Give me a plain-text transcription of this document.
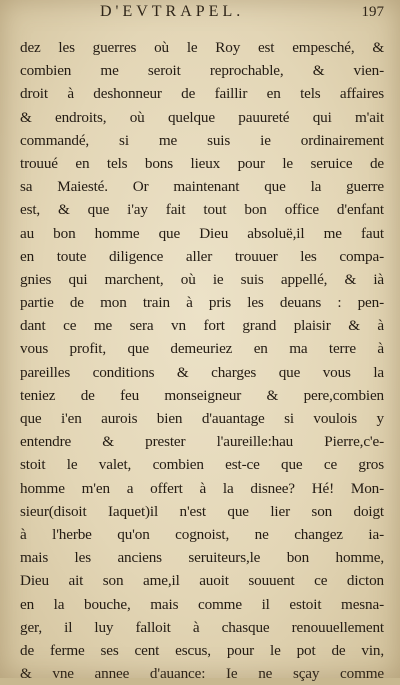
D'EVTRAPEL.	197
dez les guerres où le Roy est empesché, &
combien me seroit reprochable, & vien-
droit à deshonneur de faillir en tels affaires
& endroits, où quelque pauureté qui m'ait
commandé, si me suis ie ordinairement
trouué en tels bons lieux pour le seruice de
sa Maiesté. Or maintenant que la guerre
est, & que i'ay fait tout bon office d'enfant
au bon homme que Dieu absoluë,il me faut
en toute diligence aller trouuer les compa-
gnies qui marchent, où ie suis appellé, & ià
partie de mon train à pris les deuans : pen-
dant ce me sera vn fort grand plaisir & à
vous profit, que demeuriez en ma terre à
pareilles conditions & charges que vous la
teniez de feu monseigneur & pere,combien
que i'en aurois bien d'auantage si voulois y
entendre & prester l'aureille:hau Pierre,c'e-
stoit le valet, combien est-ce que ce gros
homme m'en a offert à la disnee? Hé! Mon-
sieur(disoit Iaquet)il n'est que lier son doigt
à l'herbe qu'on cognoist, ne changez ia-
mais les anciens seruiteurs,le bon homme,
Dieu ait son ame,il auoit souuent ce dicton
en la bouche, mais comme il estoit mesna-
ger, il luy falloit à chasque renouuellement
de ferme ses cent escus, pour le pot de vin,
& vne annee d'auance: Ie ne sçay comme
